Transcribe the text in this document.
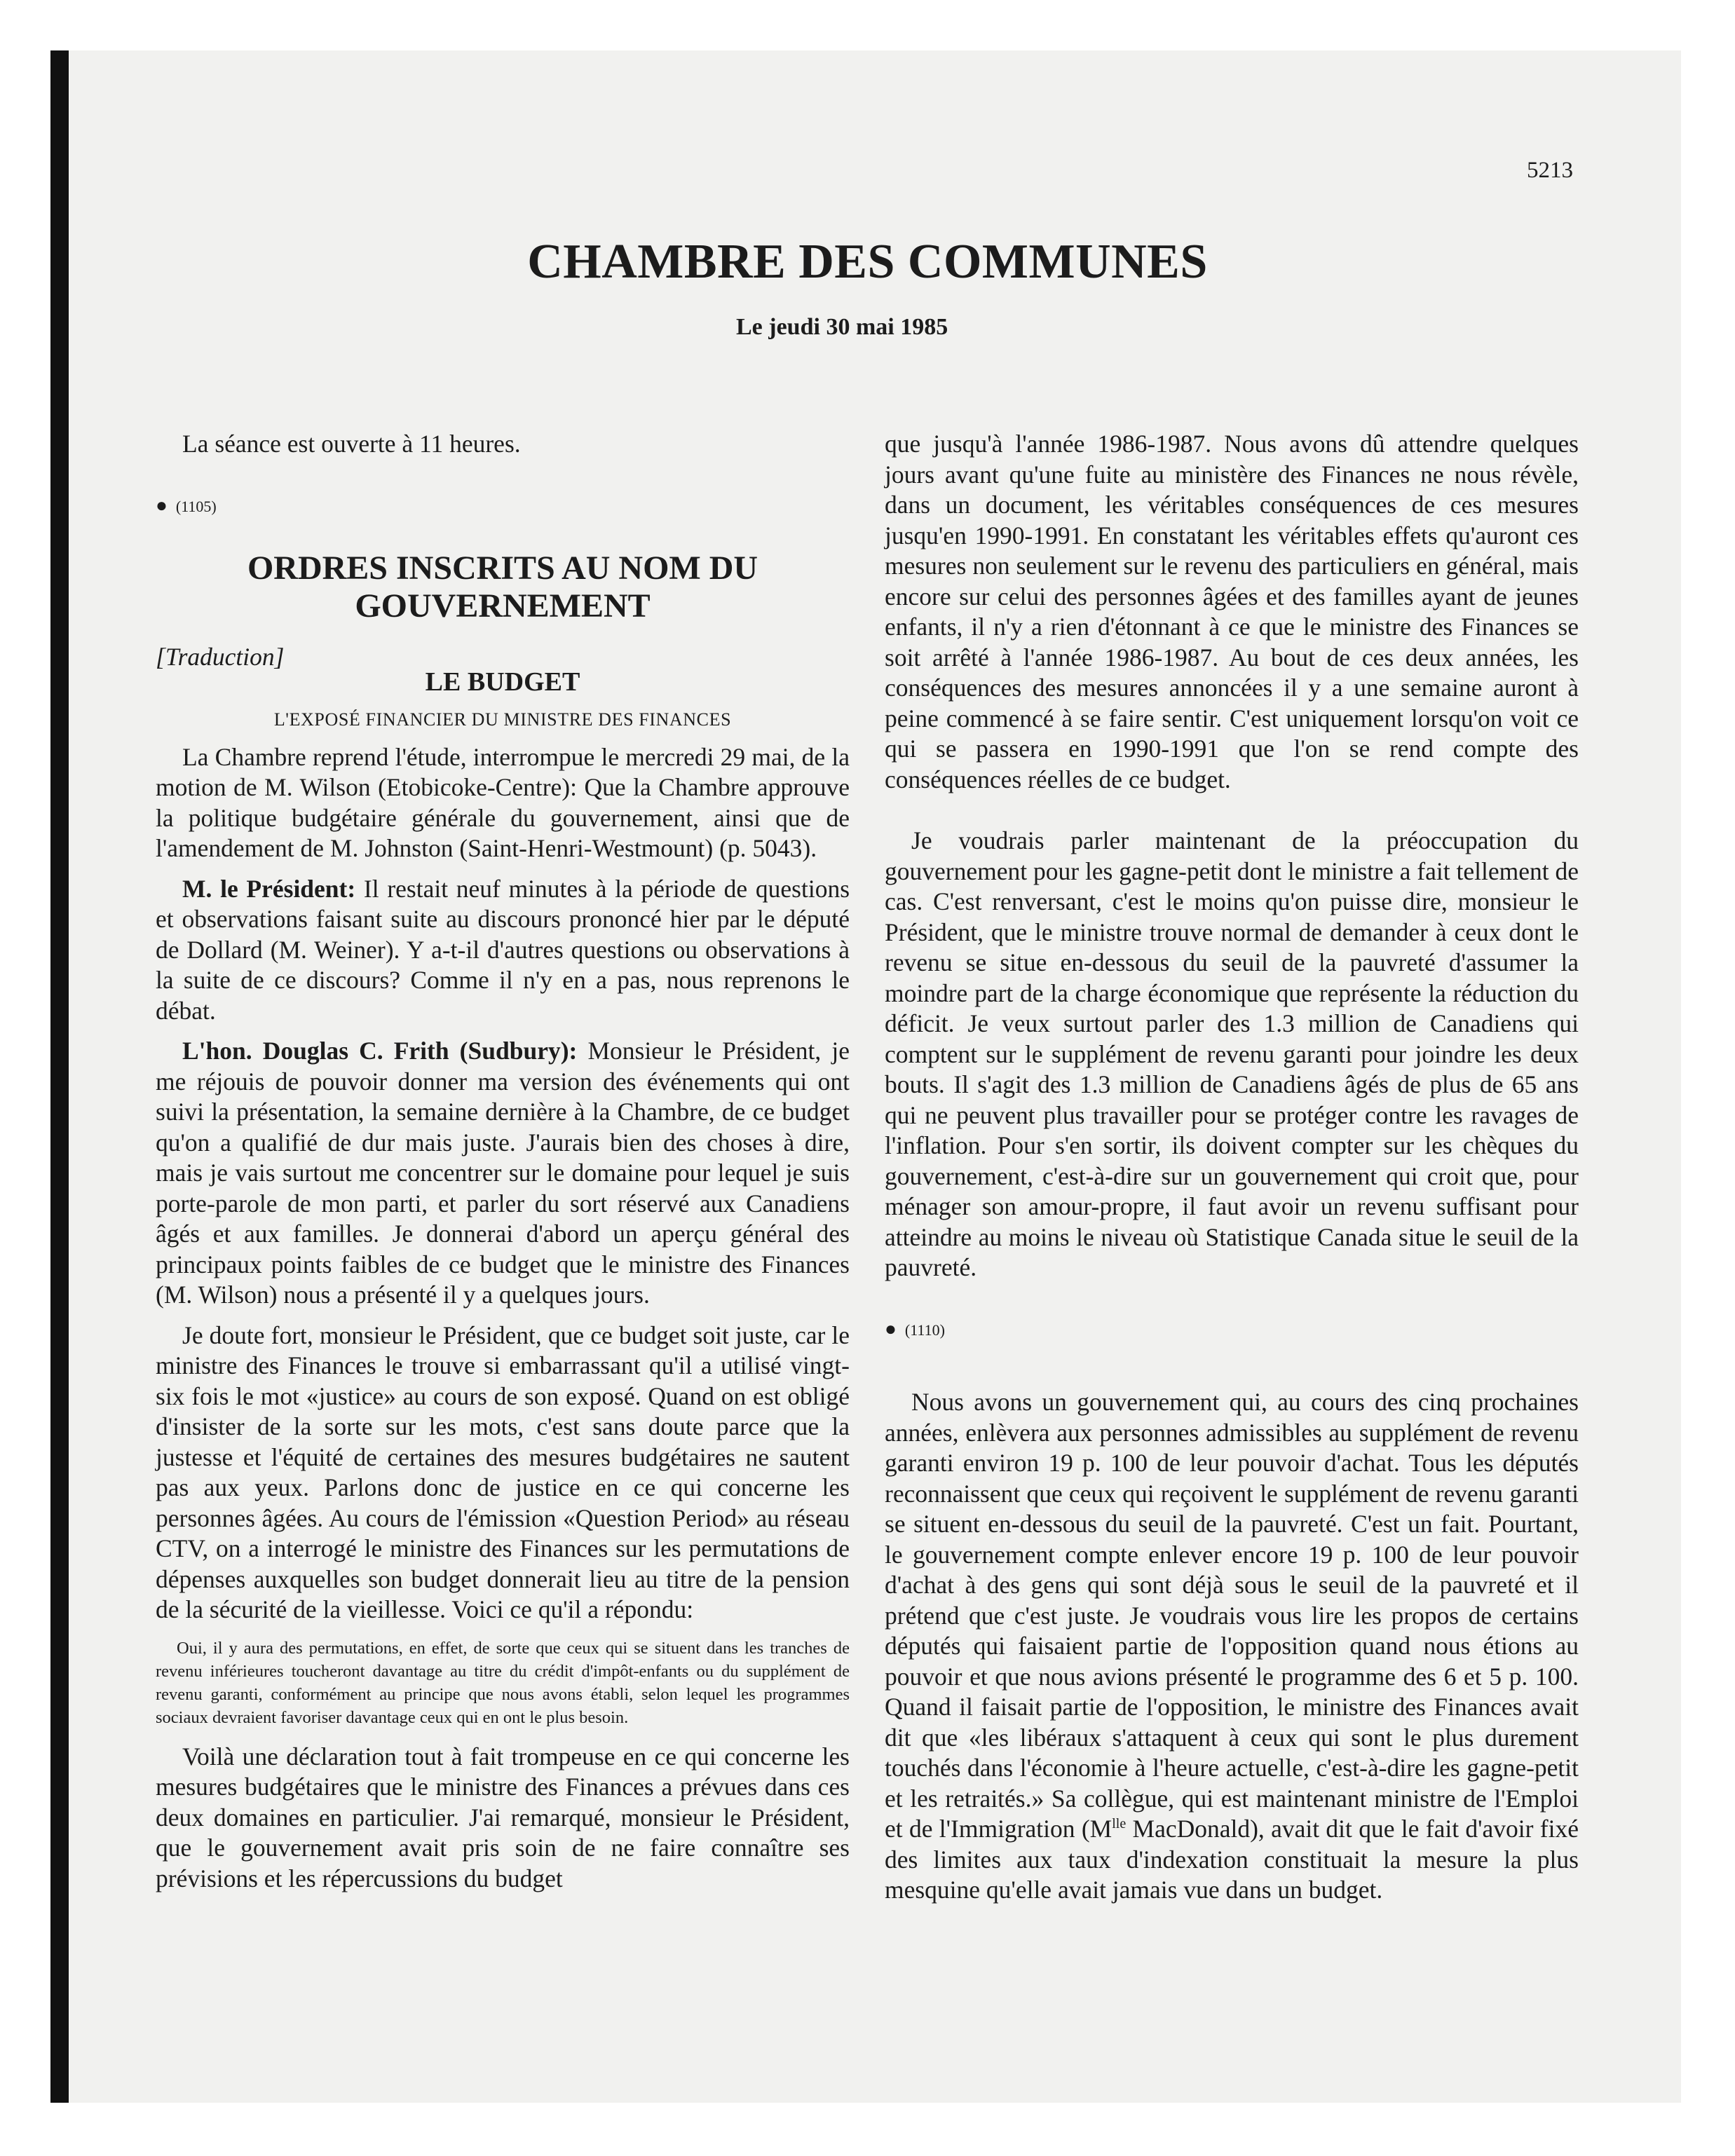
5213
CHAMBRE DES COMMUNES
Le jeudi 30 mai 1985

La séance est ouverte à 11 heures.

● (1105)
ORDRES INSCRITS AU NOM DU
GOUVERNEMENT
[Traduction]
LE BUDGET
L'EXPOSÉ FINANCIER DU MINISTRE DES FINANCES

La Chambre reprend l'étude, interrompue le mercredi 29 mai, de la motion de M. Wilson (Etobicoke-Centre): Que la Chambre approuve la politique budgétaire générale du gouvernement, ainsi que de l'amendement de M. Johnston (Saint-Henri-Westmount) (p. 5043).

M. le Président: Il restait neuf minutes à la période de questions et observations faisant suite au discours prononcé hier par le député de Dollard (M. Weiner). Y a-t-il d'autres questions ou observations à la suite de ce discours? Comme il n'y en a pas, nous reprenons le débat.

L'hon. Douglas C. Frith (Sudbury): Monsieur le Président, je me réjouis de pouvoir donner ma version des événements qui ont suivi la présentation, la semaine dernière à la Chambre, de ce budget qu'on a qualifié de dur mais juste. J'aurais bien des choses à dire, mais je vais surtout me concentrer sur le domaine pour lequel je suis porte-parole de mon parti, et parler du sort réservé aux Canadiens âgés et aux familles. Je donnerai d'abord un aperçu général des principaux points faibles de ce budget que le ministre des Finances (M. Wilson) nous a présenté il y a quelques jours.

Je doute fort, monsieur le Président, que ce budget soit juste, car le ministre des Finances le trouve si embarrassant qu'il a utilisé vingt-six fois le mot «justice» au cours de son exposé. Quand on est obligé d'insister de la sorte sur les mots, c'est sans doute parce que la justesse et l'équité de certaines des mesures budgétaires ne sautent pas aux yeux. Parlons donc de justice en ce qui concerne les personnes âgées. Au cours de l'émission «Question Period» au réseau CTV, on a interrogé le ministre des Finances sur les permutations de dépenses auxquelles son budget donnerait lieu au titre de la pension de la sécurité de la vieillesse. Voici ce qu'il a répondu:

Oui, il y aura des permutations, en effet, de sorte que ceux qui se situent dans les tranches de revenu inférieures toucheront davantage au titre du crédit d'impôt-enfants ou du supplément de revenu garanti, conformément au principe que nous avons établi, selon lequel les programmes sociaux devraient favoriser davantage ceux qui en ont le plus besoin.

Voilà une déclaration tout à fait trompeuse en ce qui concerne les mesures budgétaires que le ministre des Finances a prévues dans ces deux domaines en particulier. J'ai remarqué, monsieur le Président, que le gouvernement avait pris soin de ne faire connaître ses prévisions et les répercussions du budget

que jusqu'à l'année 1986-1987. Nous avons dû attendre quelques jours avant qu'une fuite au ministère des Finances ne nous révèle, dans un document, les véritables conséquences de ces mesures jusqu'en 1990-1991. En constatant les véritables effets qu'auront ces mesures non seulement sur le revenu des particuliers en général, mais encore sur celui des personnes âgées et des familles ayant de jeunes enfants, il n'y a rien d'étonnant à ce que le ministre des Finances se soit arrêté à l'année 1986-1987. Au bout de ces deux années, les conséquences des mesures annoncées il y a une semaine auront à peine commencé à se faire sentir. C'est uniquement lorsqu'on voit ce qui se passera en 1990-1991 que l'on se rend compte des conséquences réelles de ce budget.

Je voudrais parler maintenant de la préoccupation du gouvernement pour les gagne-petit dont le ministre a fait tellement de cas. C'est renversant, c'est le moins qu'on puisse dire, monsieur le Président, que le ministre trouve normal de demander à ceux dont le revenu se situe en-dessous du seuil de la pauvreté d'assumer la moindre part de la charge économique que représente la réduction du déficit. Je veux surtout parler des 1.3 million de Canadiens qui comptent sur le supplément de revenu garanti pour joindre les deux bouts. Il s'agit des 1.3 million de Canadiens âgés de plus de 65 ans qui ne peuvent plus travailler pour se protéger contre les ravages de l'inflation. Pour s'en sortir, ils doivent compter sur les chèques du gouvernement, c'est-à-dire sur un gouvernement qui croit que, pour ménager son amour-propre, il faut avoir un revenu suffisant pour atteindre au moins le niveau où Statistique Canada situe le seuil de la pauvreté.

● (1110)

Nous avons un gouvernement qui, au cours des cinq prochaines années, enlèvera aux personnes admissibles au supplément de revenu garanti environ 19 p. 100 de leur pouvoir d'achat. Tous les députés reconnaissent que ceux qui reçoivent le supplément de revenu garanti se situent en-dessous du seuil de la pauvreté. C'est un fait. Pourtant, le gouvernement compte enlever encore 19 p. 100 de leur pouvoir d'achat à des gens qui sont déjà sous le seuil de la pauvreté et il prétend que c'est juste. Je voudrais vous lire les propos de certains députés qui faisaient partie de l'opposition quand nous étions au pouvoir et que nous avions présenté le programme des 6 et 5 p. 100. Quand il faisait partie de l'opposition, le ministre des Finances avait dit que «les libéraux s'attaquent à ceux qui sont le plus durement touchés dans l'économie à l'heure actuelle, c'est-à-dire les gagne-petit et les retraités.» Sa collègue, qui est maintenant ministre de l'Emploi et de l'Immigration ($M^{lle}$ MacDonald), avait dit que le fait d'avoir fixé des limites aux taux d'indexation constituait la mesure la plus mesquine qu'elle avait jamais vue dans un budget.
